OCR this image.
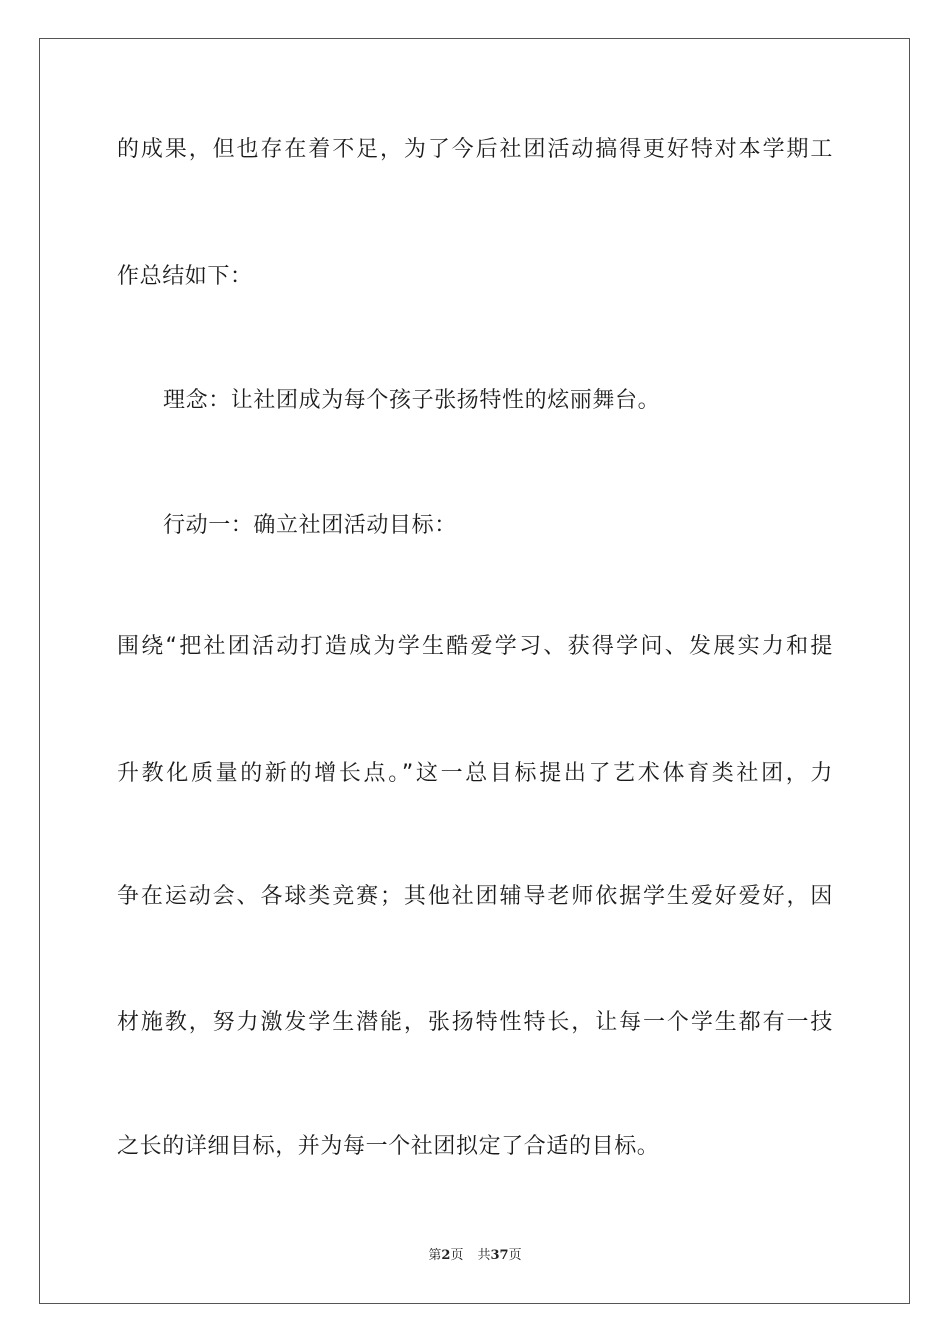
的成果，但也存在着不足，为了今后社团活动搞得更好特对本学期工

作总结如下：

理念：让社团成为每个孩子张扬特性的炫丽舞台。

行动一：确立社团活动目标：

围绕“把社团活动打造成为学生酷爱学习、获得学问、发展实力和提

升教化质量的新的增长点。”这一总目标提出了艺术体育类社团，力

争在运动会、各球类竞赛；其他社团辅导老师依据学生爱好爱好，因

材施教，努力激发学生潜能，张扬特性特长，让每一个学生都有一技

之长的详细目标，并为每一个社团拟定了合适的目标。

第2页 共37页
